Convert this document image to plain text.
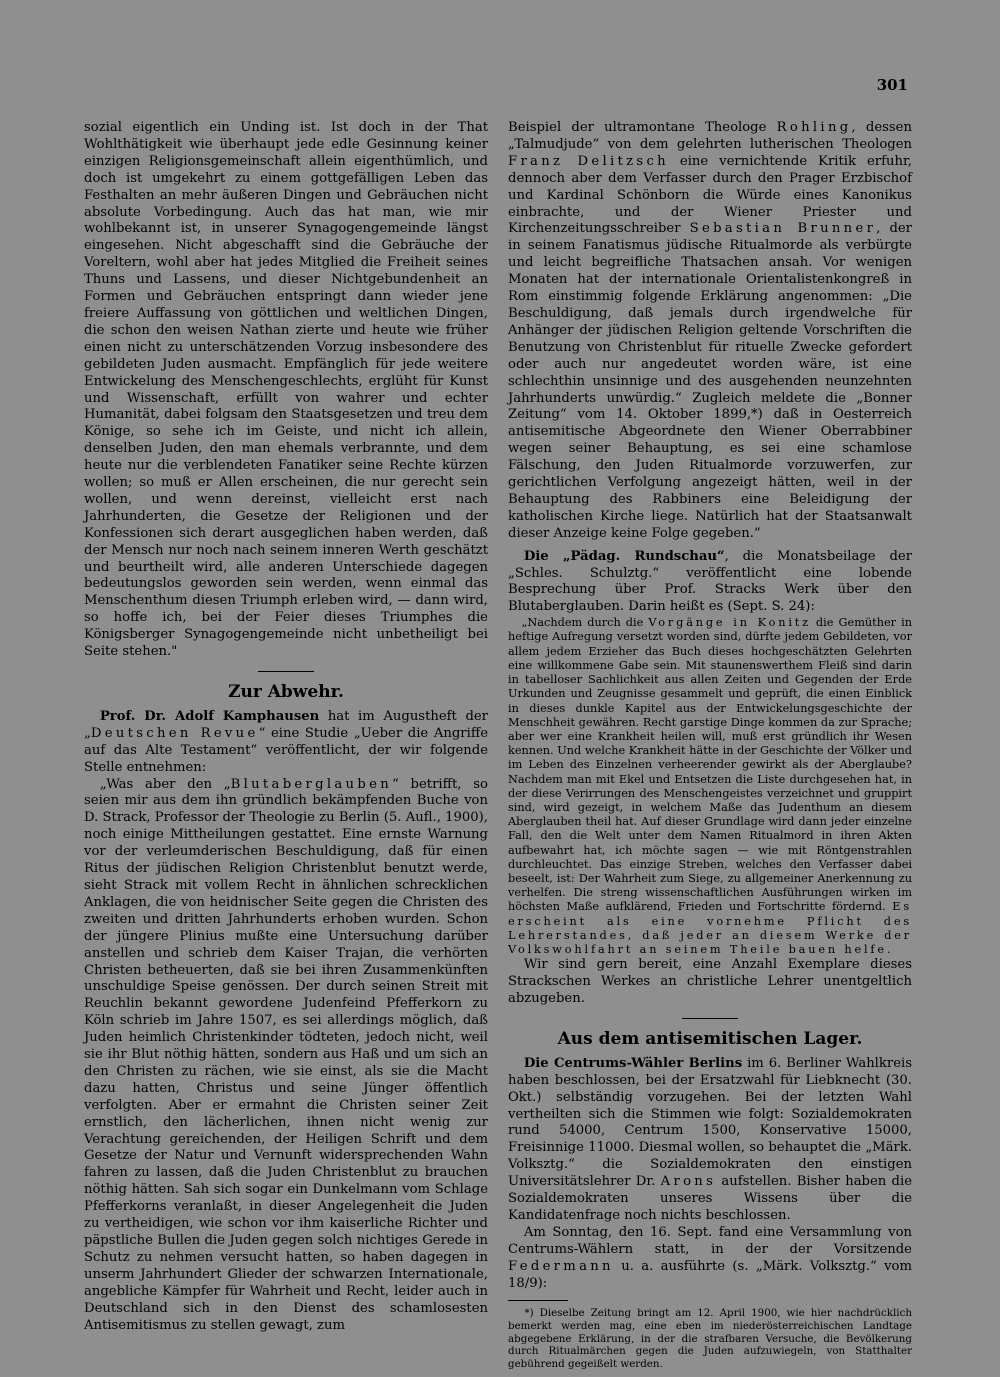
301

sozial eigentlich ein Unding ist. Ist doch in der That Wohlthätigkeit wie überhaupt jede edle Gesinnung keiner einzigen Religionsgemeinschaft allein eigenthümlich, und doch ist umgekehrt zu einem gottgefälligen Leben das Festhalten an mehr äußeren Dingen und Gebräuchen nicht absolute Vorbedingung. Auch das hat man, wie mir wohlbekannt ist, in unserer Synagogengemeinde längst eingesehen. Nicht abgeschafft sind die Gebräuche der Voreltern, wohl aber hat jedes Mitglied die Freiheit seines Thuns und Lassens, und dieser Nichtgebundenheit an Formen und Gebräuchen entspringt dann wieder jene freiere Auffassung von göttlichen und weltlichen Dingen, die schon den weisen Nathan zierte und heute wie früher einen nicht zu unterschätzenden Vorzug insbesondere des gebildeten Juden ausmacht. Empfänglich für jede weitere Entwickelung des Menschengeschlechts, erglüht für Kunst und Wissenschaft, erfüllt von wahrer und echter Humanität, dabei folgsam den Staatsgesetzen und treu dem Könige, so sehe ich im Geiste, und nicht ich allein, denselben Juden, den man ehemals verbrannte, und dem heute nur die verblendeten Fanatiker seine Rechte kürzen wollen; so muß er Allen erscheinen, die nur gerecht sein wollen, und wenn dereinst, vielleicht erst nach Jahrhunderten, die Gesetze der Religionen und der Konfessionen sich derart ausgeglichen haben werden, daß der Mensch nur noch nach seinem inneren Werth geschätzt und beurtheilt wird, alle anderen Unterschiede dagegen bedeutungslos geworden sein werden, wenn einmal das Menschenthum diesen Triumph erleben wird, — dann wird, so hoffe ich, bei der Feier dieses Triumphes die Königsberger Synagogengemeinde nicht unbetheiligt bei Seite stehen."

Zur Abwehr.

Prof. Dr. Adolf Kamphausen hat im Augustheft der „Deutschen Revue“ eine Studie „Ueber die Angriffe auf das Alte Testament“ veröffentlicht, der wir folgende Stelle entnehmen:

„Was aber den „Blutaberglauben“ betrifft, so seien mir aus dem ihn gründlich bekämpfenden Buche von D. Strack, Professor der Theologie zu Berlin (5. Aufl., 1900), noch einige Mittheilungen gestattet. Eine ernste Warnung vor der verleumderischen Beschuldigung, daß für einen Ritus der jüdischen Religion Christenblut benutzt werde, sieht Strack mit vollem Recht in ähnlichen schrecklichen Anklagen, die von heidnischer Seite gegen die Christen des zweiten und dritten Jahrhunderts erhoben wurden. Schon der jüngere Plinius mußte eine Untersuchung darüber anstellen und schrieb dem Kaiser Trajan, die verhörten Christen betheuerten, daß sie bei ihren Zusammenkünften unschuldige Speise genössen. Der durch seinen Streit mit Reuchlin bekannt gewordene Judenfeind Pfefferkorn zu Köln schrieb im Jahre 1507, es sei allerdings möglich, daß Juden heimlich Christenkinder tödteten, jedoch nicht, weil sie ihr Blut nöthig hätten, sondern aus Haß und um sich an den Christen zu rächen, wie sie einst, als sie die Macht dazu hatten, Christus und seine Jünger öffentlich verfolgten. Aber er ermahnt die Christen seiner Zeit ernstlich, den lächerlichen, ihnen nicht wenig zur Verachtung gereichenden, der Heiligen Schrift und dem Gesetze der Natur und Vernunft widersprechenden Wahn fahren zu lassen, daß die Juden Christenblut zu brauchen nöthig hätten. Sah sich sogar ein Dunkelmann vom Schlage Pfefferkorns veranlaßt, in dieser Angelegenheit die Juden zu vertheidigen, wie schon vor ihm kaiserliche Richter und päpstliche Bullen die Juden gegen solch nichtiges Gerede in Schutz zu nehmen versucht hatten, so haben dagegen in unserm Jahrhundert Glieder der schwarzen Internationale, angebliche Kämpfer für Wahrheit und Recht, leider auch in Deutschland sich in den Dienst des schamlosesten Antisemitismus zu stellen gewagt, zum

Beispiel der ultramontane Theologe Rohling, dessen „Talmudjude“ von dem gelehrten lutherischen Theologen Franz Delitzsch eine vernichtende Kritik erfuhr, dennoch aber dem Verfasser durch den Prager Erzbischof und Kardinal Schönborn die Würde eines Kanonikus einbrachte, und der Wiener Priester und Kirchenzeitungsschreiber Sebastian Brunner, der in seinem Fanatismus jüdische Ritualmorde als verbürgte und leicht begreifliche Thatsachen ansah. Vor wenigen Monaten hat der internationale Orientalistenkongreß in Rom einstimmig folgende Erklärung angenommen: „Die Beschuldigung, daß jemals durch irgendwelche für Anhänger der jüdischen Religion geltende Vorschriften die Benutzung von Christenblut für rituelle Zwecke gefordert oder auch nur angedeutet worden wäre, ist eine schlechthin unsinnige und des ausgehenden neunzehnten Jahrhunderts unwürdig.“ Zugleich meldete die „Bonner Zeitung“ vom 14. Oktober 1899,*) daß in Oesterreich antisemitische Abgeordnete den Wiener Oberrabbiner wegen seiner Behauptung, es sei eine schamlose Fälschung, den Juden Ritualmorde vorzuwerfen, zur gerichtlichen Verfolgung angezeigt hätten, weil in der Behauptung des Rabbiners eine Beleidigung der katholischen Kirche liege. Natürlich hat der Staatsanwalt dieser Anzeige keine Folge gegeben.“

Die „Pädag. Rundschau“, die Monatsbeilage der „Schles. Schulztg.“ veröffentlicht eine lobende Besprechung über Prof. Stracks Werk über den Blutaberglauben. Darin heißt es (Sept. S. 24):

„Nachdem durch die Vorgänge in Konitz die Gemüther in heftige Aufregung versetzt worden sind, dürfte jedem Gebildeten, vor allem jedem Erzieher das Buch dieses hochgeschätzten Gelehrten eine willkommene Gabe sein. Mit staunenswerthem Fleiß sind darin in tabelloser Sachlichkeit aus allen Zeiten und Gegenden der Erde Urkunden und Zeugnisse gesammelt und geprüft, die einen Einblick in dieses dunkle Kapitel aus der Entwickelungsgeschichte der Menschheit gewähren. Recht garstige Dinge kommen da zur Sprache; aber wer eine Krankheit heilen will, muß erst gründlich ihr Wesen kennen. Und welche Krankheit hätte in der Geschichte der Völker und im Leben des Einzelnen verheerender gewirkt als der Aberglaube? Nachdem man mit Ekel und Entsetzen die Liste durchgesehen hat, in der diese Verirrungen des Menschengeistes verzeichnet und gruppirt sind, wird gezeigt, in welchem Maße das Judenthum an diesem Aberglauben theil hat. Auf dieser Grundlage wird dann jeder einzelne Fall, den die Welt unter dem Namen Ritualmord in ihren Akten aufbewahrt hat, ich möchte sagen — wie mit Röntgenstrahlen durchleuchtet. Das einzige Streben, welches den Verfasser dabei beseelt, ist: Der Wahrheit zum Siege, zu allgemeiner Anerkennung zu verhelfen. Die streng wissenschaftlichen Ausführungen wirken im höchsten Maße aufklärend, Frieden und Fortschritte fördernd. Es erscheint als eine vornehme Pflicht des Lehrerstandes, daß jeder an diesem Werke der Volkswohlfahrt an seinem Theile bauen helfe.

Wir sind gern bereit, eine Anzahl Exemplare dieses Strackschen Werkes an christliche Lehrer unentgeltlich abzugeben.

Aus dem antisemitischen Lager.

Die Centrums-Wähler Berlins im 6. Berliner Wahlkreis haben beschlossen, bei der Ersatzwahl für Liebknecht (30. Okt.) selbständig vorzugehen. Bei der letzten Wahl vertheilten sich die Stimmen wie folgt: Sozialdemokraten rund 54000, Centrum 1500, Konservative 15000, Freisinnige 11000. Diesmal wollen, so behauptet die „Märk. Volksztg.“ die Sozialdemokraten den einstigen Universitätslehrer Dr. Arons aufstellen. Bisher haben die Sozialdemokraten unseres Wissens über die Kandidatenfrage noch nichts beschlossen.

Am Sonntag, den 16. Sept. fand eine Versammlung von Centrums-Wählern statt, in der der Vorsitzende Federmann u. a. ausführte (s. „Märk. Volksztg.“ vom 18/9):

*) Dieselbe Zeitung bringt am 12. April 1900, wie hier nachdrücklich bemerkt werden mag, eine eben im niederösterreichischen Landtage abgegebene Erklärung, in der die strafbaren Versuche, die Bevölkerung durch Ritualmärchen gegen die Juden aufzuwiegeln, von Statthalter gebührend gegeißelt werden.
